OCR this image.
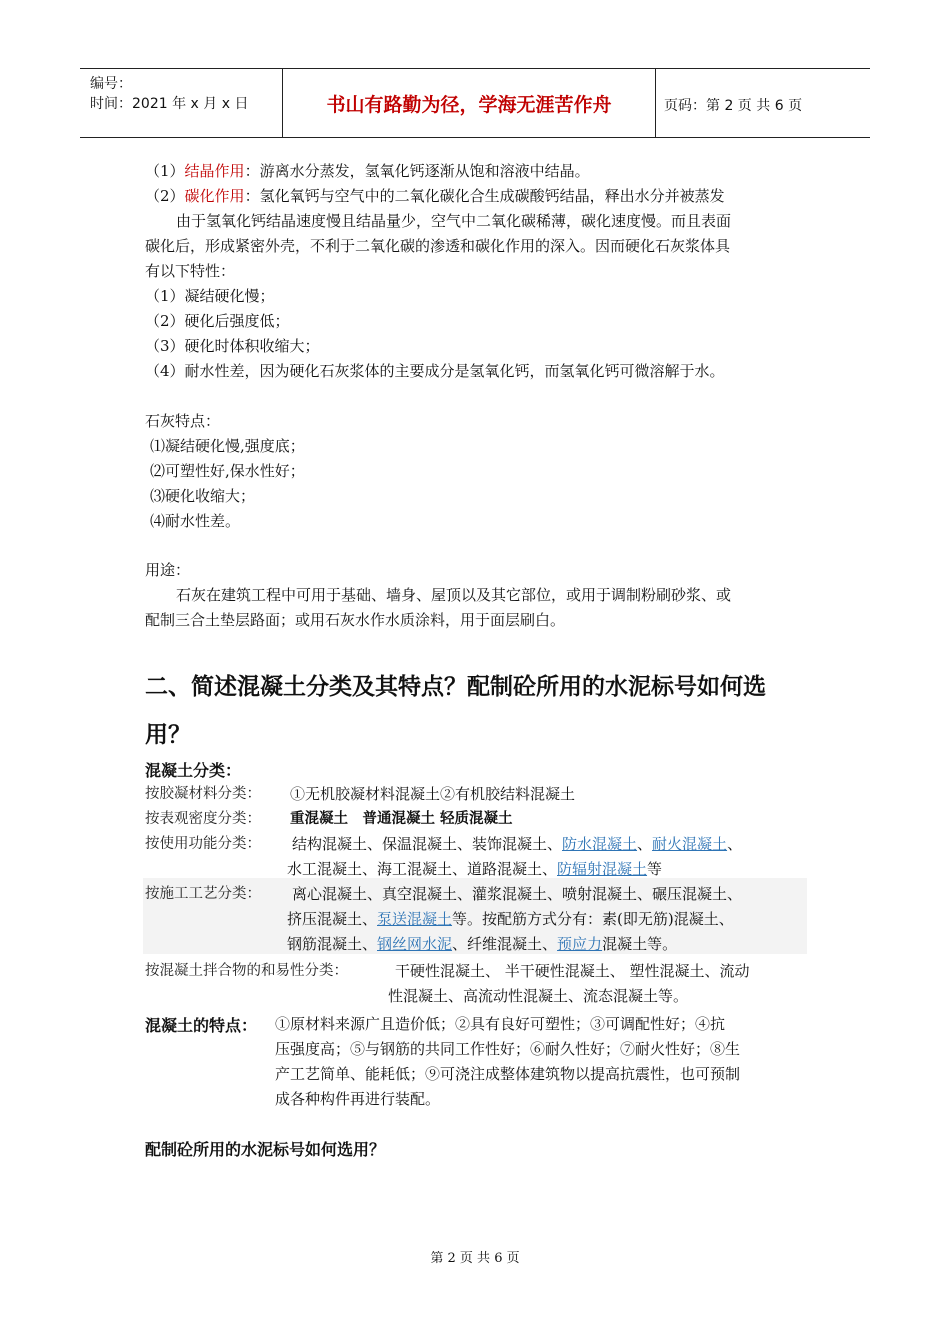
编号：
时间：2021 年 x 月 x 日	书山有路勤为径，学海无涯苦作舟	页码：第 2 页 共 6 页
（1）结晶作用：游离水分蒸发，氢氧化钙逐渐从饱和溶液中结晶。
（2）碳化作用：氢化氧钙与空气中的二氧化碳化合生成碳酸钙结晶，释出水分并被蒸发
由于氢氧化钙结晶速度慢且结晶量少，空气中二氧化碳稀薄，碳化速度慢。而且表面
碳化后，形成紧密外壳，不利于二氧化碳的渗透和碳化作用的深入。因而硬化石灰浆体具
有以下特性：
（1）凝结硬化慢；
（2）硬化后强度低；
（3）硬化时体积收缩大；
（4）耐水性差，因为硬化石灰浆体的主要成分是氢氧化钙，而氢氧化钙可微溶解于水。
石灰特点：
⑴凝结硬化慢,强度底；
⑵可塑性好,保水性好；
⑶硬化收缩大；
⑷耐水性差。
用途：
石灰在建筑工程中可用于基础、墙身、屋顶以及其它部位，或用于调制粉刷砂浆、或
配制三合土垫层路面；或用石灰水作水质涂料，用于面层刷白。
二、简述混凝土分类及其特点？配制砼所用的水泥标号如何选
用？
混凝土分类：
按胶凝材料分类： ①无机胶凝材料混凝土②有机胶结料混凝土
按表观密度分类： 重混凝土　普通混凝土 轻质混凝土
按使用功能分类： 结构混凝土、保温混凝土、装饰混凝土、防水混凝土、耐火混凝土、
水工混凝土、海工混凝土、道路混凝土、防辐射混凝土等
按施工工艺分类： 离心混凝土、真空混凝土、灌浆混凝土、喷射混凝土、碾压混凝土、
挤压混凝土、泵送混凝土等。按配筋方式分有：素(即无筋)混凝土、
钢筋混凝土、钢丝网水泥、纤维混凝土、预应力混凝土等。
按混凝土拌合物的和易性分类：	干硬性混凝土、 半干硬性混凝土、 塑性混凝土、流动
性混凝土、高流动性混凝土、流态混凝土等。
混凝土的特点： ①原材料来源广且造价低；②具有良好可塑性；③可调配性好；④抗
压强度高；⑤与钢筋的共同工作性好；⑥耐久性好；⑦耐火性好；⑧生
产工艺简单、能耗低；⑨可浇注成整体建筑物以提高抗震性，也可预制
成各种构件再进行装配。
配制砼所用的水泥标号如何选用？
第 2 页 共 6 页
